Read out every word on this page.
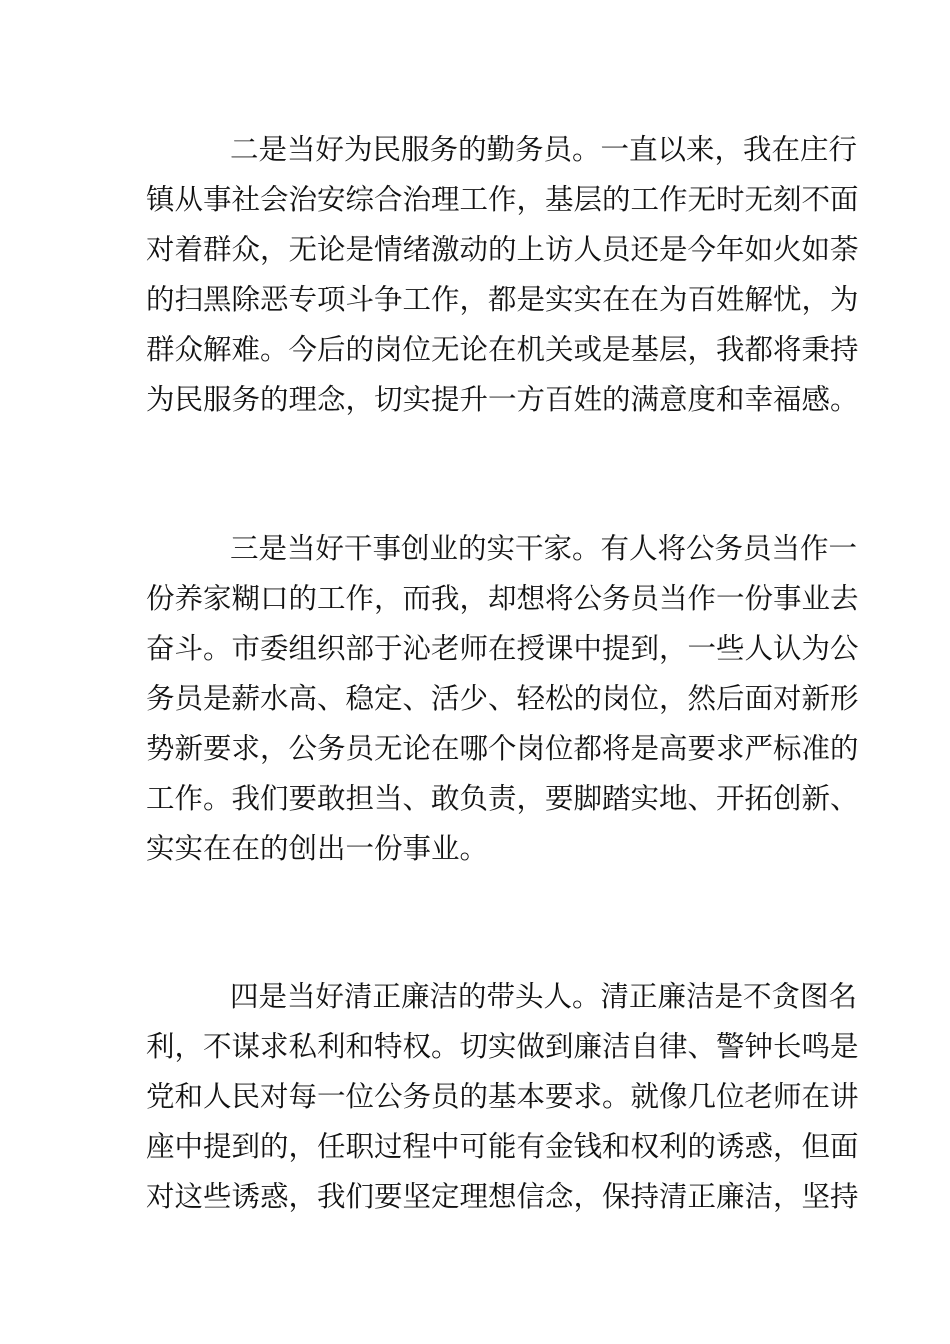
二是当好为民服务的勤务员。一直以来，我在庄行
镇从事社会治安综合治理工作，基层的工作无时无刻不面
对着群众，无论是情绪激动的上访人员还是今年如火如荼
的扫黑除恶专项斗争工作，都是实实在在为百姓解忧，为
群众解难。今后的岗位无论在机关或是基层，我都将秉持
为民服务的理念，切实提升一方百姓的满意度和幸福感。

三是当好干事创业的实干家。有人将公务员当作一
份养家糊口的工作，而我，却想将公务员当作一份事业去
奋斗。市委组织部于沁老师在授课中提到，一些人认为公
务员是薪水高、稳定、活少、轻松的岗位，然后面对新形
势新要求，公务员无论在哪个岗位都将是高要求严标准的
工作。我们要敢担当、敢负责，要脚踏实地、开拓创新、
实实在在的创出一份事业。

四是当好清正廉洁的带头人。清正廉洁是不贪图名
利，不谋求私利和特权。切实做到廉洁自律、警钟长鸣是
党和人民对每一位公务员的基本要求。就像几位老师在讲
座中提到的，任职过程中可能有金钱和权利的诱惑，但面
对这些诱惑，我们要坚定理想信念，保持清正廉洁，坚持
